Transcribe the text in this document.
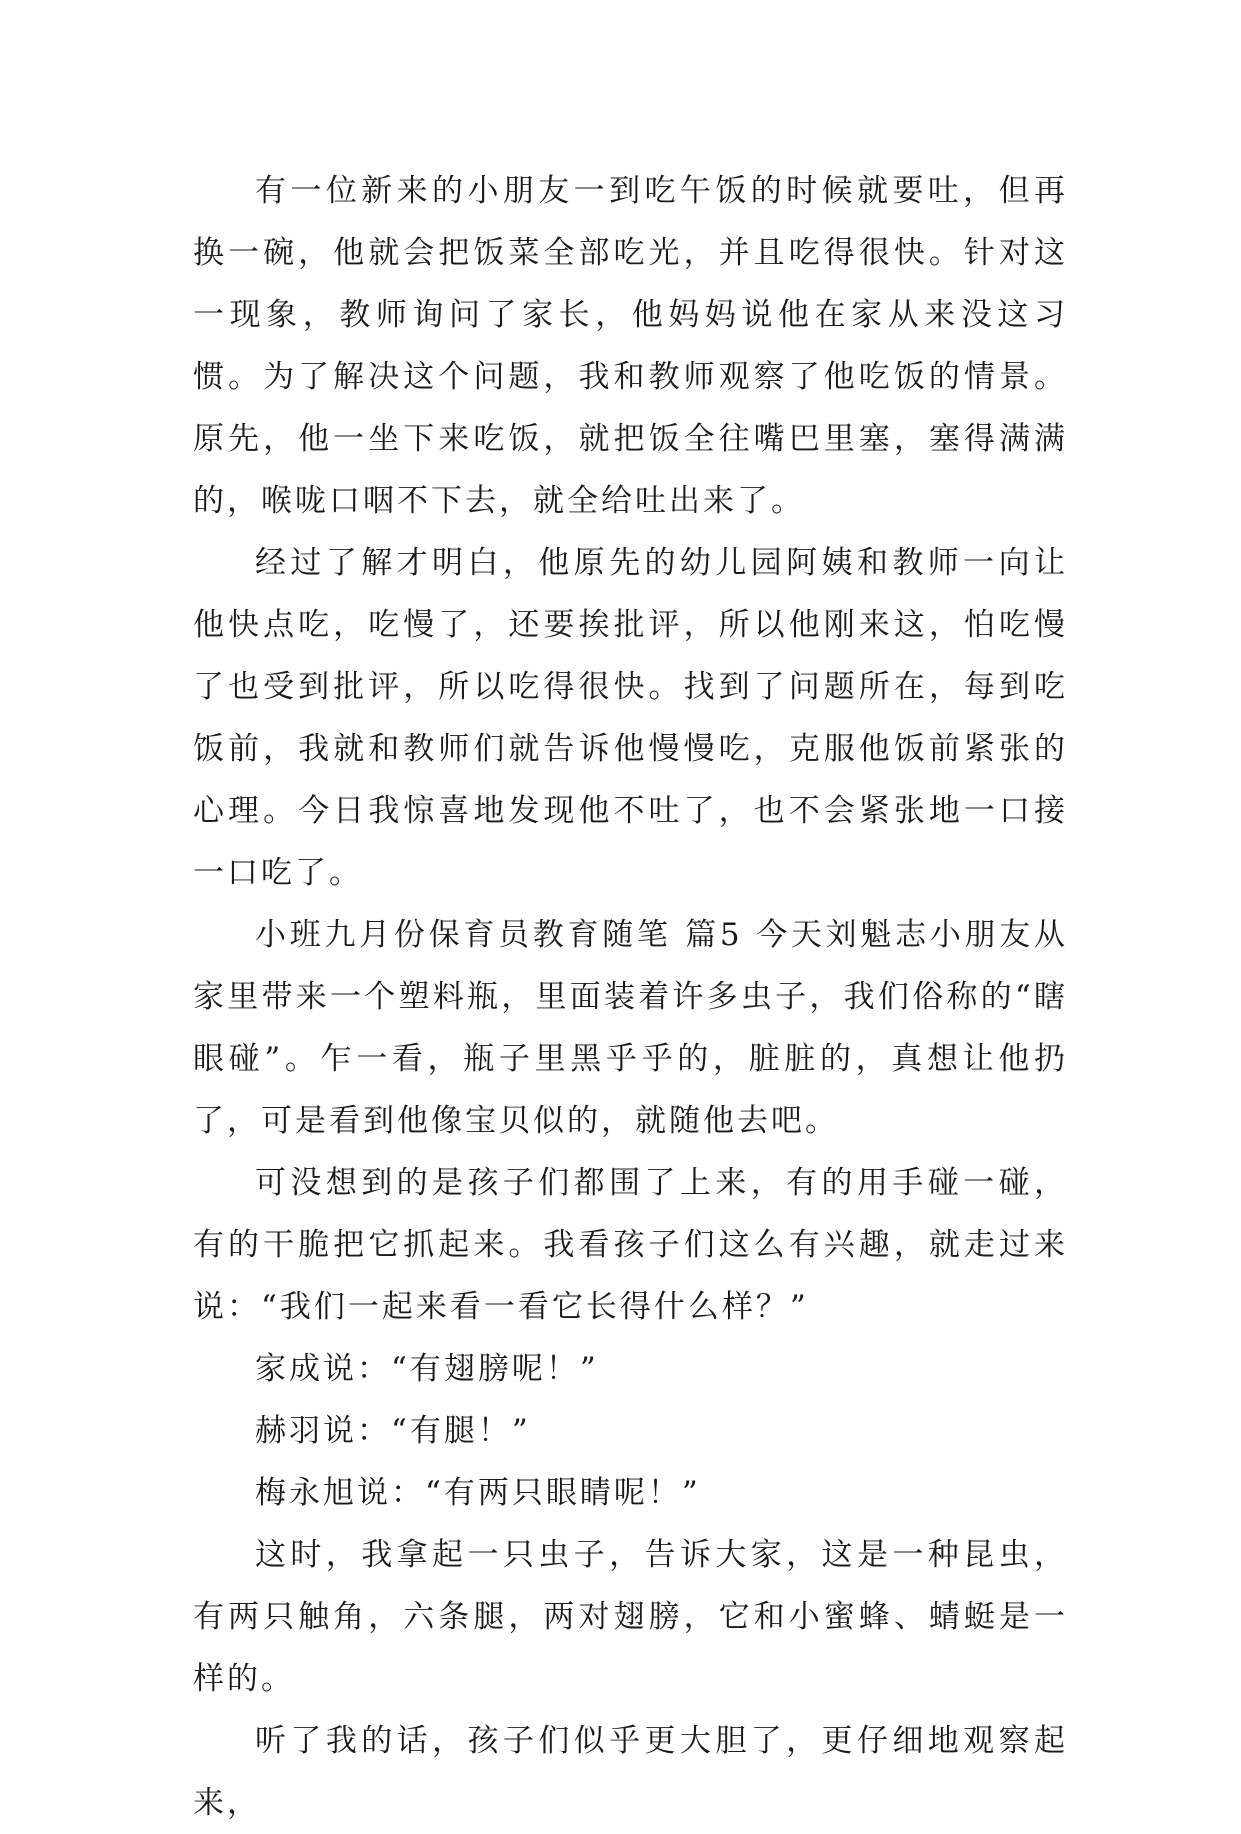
有一位新来的小朋友一到吃午饭的时候就要吐，但再换一碗，他就会把饭菜全部吃光，并且吃得很快。针对这一现象，教师询问了家长，他妈妈说他在家从来没这习惯。为了解决这个问题，我和教师观察了他吃饭的情景。原先，他一坐下来吃饭，就把饭全往嘴巴里塞，塞得满满的，喉咙口咽不下去，就全给吐出来了。

经过了解才明白，他原先的幼儿园阿姨和教师一向让他快点吃，吃慢了，还要挨批评，所以他刚来这，怕吃慢了也受到批评，所以吃得很快。找到了问题所在，每到吃饭前，我就和教师们就告诉他慢慢吃，克服他饭前紧张的心理。今日我惊喜地发现他不吐了，也不会紧张地一口接一口吃了。

小班九月份保育员教育随笔 篇5 今天刘魁志小朋友从家里带来一个塑料瓶，里面装着许多虫子，我们俗称的“瞎眼碰”。乍一看，瓶子里黑乎乎的，脏脏的，真想让他扔了，可是看到他像宝贝似的，就随他去吧。

可没想到的是孩子们都围了上来，有的用手碰一碰，有的干脆把它抓起来。我看孩子们这么有兴趣，就走过来说：“我们一起来看一看它长得什么样？”

家成说：“有翅膀呢！”

赫羽说：“有腿！”

梅永旭说：“有两只眼睛呢！”

这时，我拿起一只虫子，告诉大家，这是一种昆虫，有两只触角，六条腿，两对翅膀，它和小蜜蜂、蜻蜓是一样的。

听了我的话，孩子们似乎更大胆了，更仔细地观察起来，
